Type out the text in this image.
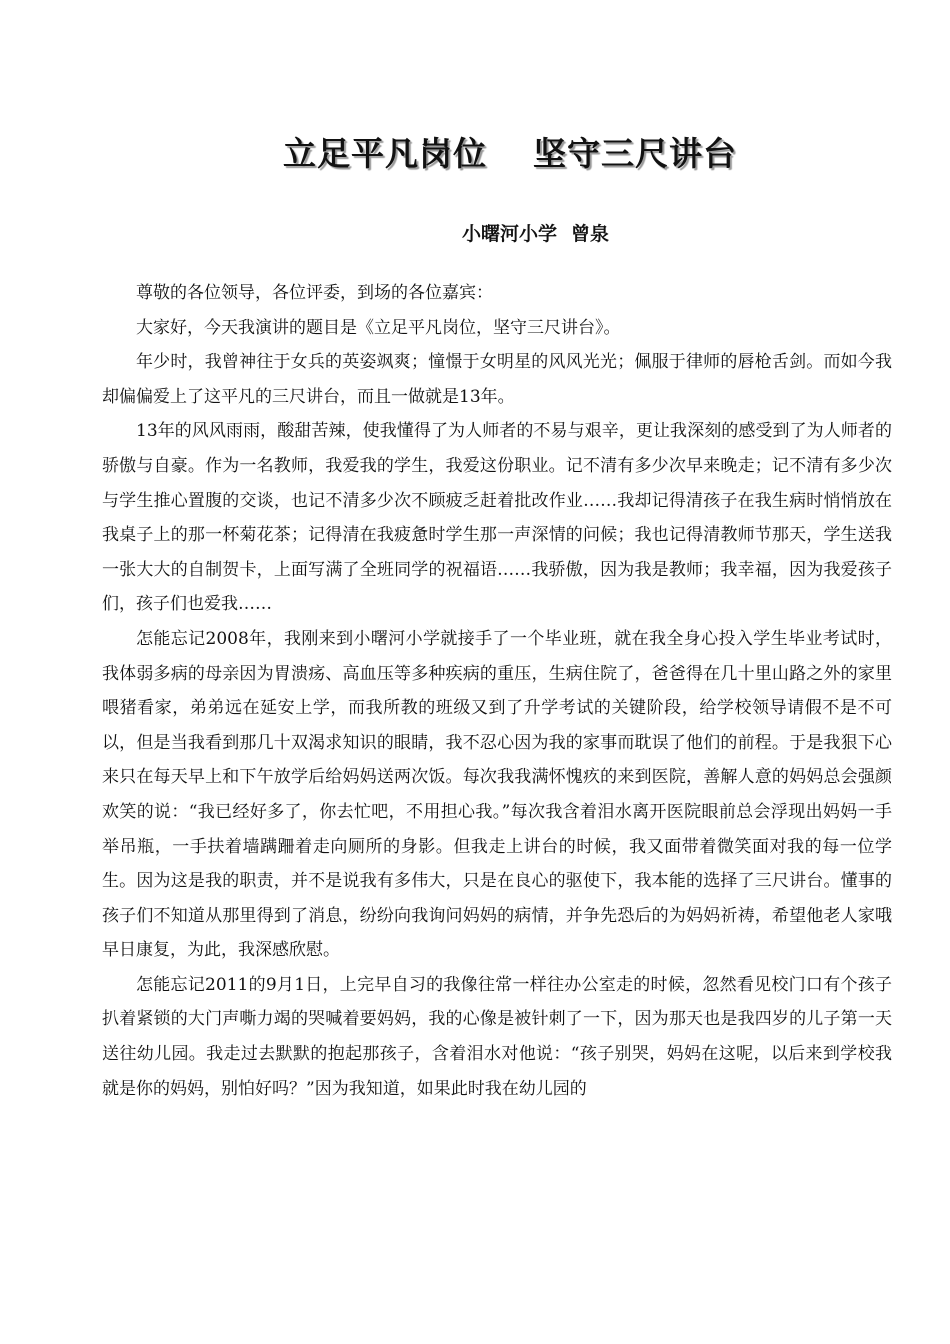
立足平凡岗位 坚守三尺讲台
小曙河小学 曾泉

尊敬的各位领导，各位评委，到场的各位嘉宾：

大家好，今天我演讲的题目是《立足平凡岗位，坚守三尺讲台》。

年少时，我曾神往于女兵的英姿飒爽；憧憬于女明星的风风光光；佩服于律师的唇枪舌剑。而如今我却偏偏爱上了这平凡的三尺讲台，而且一做就是13年。

13年的风风雨雨，酸甜苦辣，使我懂得了为人师者的不易与艰辛，更让我深刻的感受到了为人师者的骄傲与自豪。作为一名教师，我爱我的学生，我爱这份职业。记不清有多少次早来晚走；记不清有多少次与学生推心置腹的交谈，也记不清多少次不顾疲乏赶着批改作业……我却记得清孩子在我生病时悄悄放在我桌子上的那一杯菊花茶；记得清在我疲惫时学生那一声深情的问候；我也记得清教师节那天，学生送我一张大大的自制贺卡，上面写满了全班同学的祝福语……我骄傲，因为我是教师；我幸福，因为我爱孩子们，孩子们也爱我……

怎能忘记2008年，我刚来到小曙河小学就接手了一个毕业班，就在我全身心投入学生毕业考试时，我体弱多病的母亲因为胃溃疡、高血压等多种疾病的重压，生病住院了，爸爸得在几十里山路之外的家里喂猪看家，弟弟远在延安上学，而我所教的班级又到了升学考试的关键阶段，给学校领导请假不是不可以，但是当我看到那几十双渴求知识的眼睛，我不忍心因为我的家事而耽误了他们的前程。于是我狠下心来只在每天早上和下午放学后给妈妈送两次饭。每次我我满怀愧疚的来到医院，善解人意的妈妈总会强颜欢笑的说：“我已经好多了，你去忙吧，不用担心我。”每次我含着泪水离开医院眼前总会浮现出妈妈一手举吊瓶，一手扶着墙蹒跚着走向厕所的身影。但我走上讲台的时候，我又面带着微笑面对我的每一位学生。因为这是我的职责，并不是说我有多伟大，只是在良心的驱使下，我本能的选择了三尺讲台。懂事的孩子们不知道从那里得到了消息，纷纷向我询问妈妈的病情，并争先恐后的为妈妈祈祷，希望他老人家哦早日康复，为此，我深感欣慰。

怎能忘记2011的9月1日，上完早自习的我像往常一样往办公室走的时候，忽然看见校门口有个孩子扒着紧锁的大门声嘶力竭的哭喊着要妈妈，我的心像是被针刺了一下，因为那天也是我四岁的儿子第一天送往幼儿园。我走过去默默的抱起那孩子，含着泪水对他说：“孩子别哭，妈妈在这呢，以后来到学校我就是你的妈妈，别怕好吗？”因为我知道，如果此时我在幼儿园的
